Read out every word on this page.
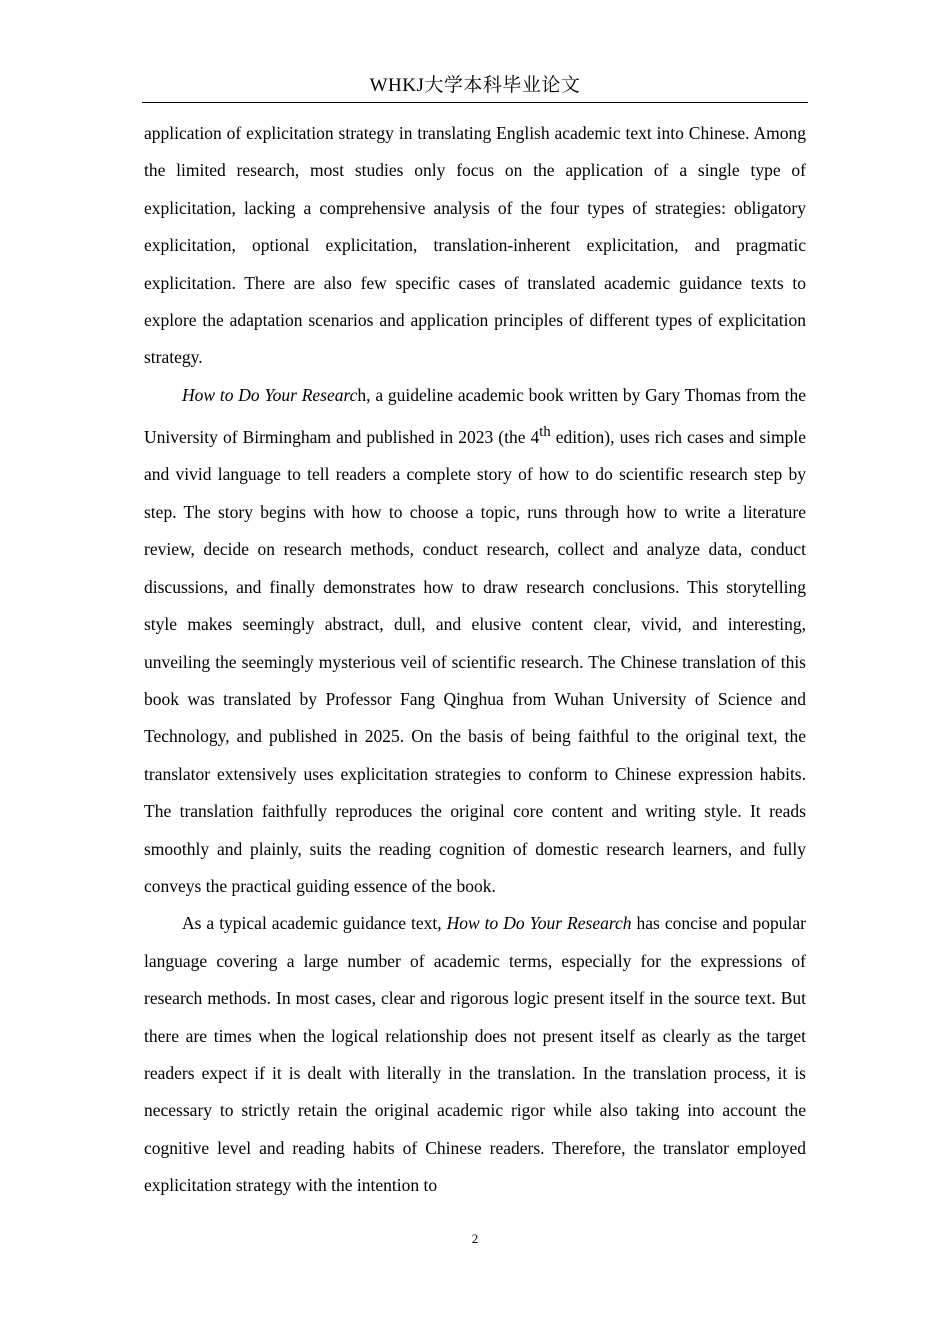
WHKJ大学本科毕业论文

application of explicitation strategy in translating English academic text into Chinese. Among the limited research, most studies only focus on the application of a single type of explicitation, lacking a comprehensive analysis of the four types of strategies: obligatory explicitation, optional explicitation, translation-inherent explicitation, and pragmatic explicitation. There are also few specific cases of translated academic guidance texts to explore the adaptation scenarios and application principles of different types of explicitation strategy.

How to Do Your Research, a guideline academic book written by Gary Thomas from the University of Birmingham and published in 2023 (the 4th edition), uses rich cases and simple and vivid language to tell readers a complete story of how to do scientific research step by step. The story begins with how to choose a topic, runs through how to write a literature review, decide on research methods, conduct research, collect and analyze data, conduct discussions, and finally demonstrates how to draw research conclusions. This storytelling style makes seemingly abstract, dull, and elusive content clear, vivid, and interesting, unveiling the seemingly mysterious veil of scientific research. The Chinese translation of this book was translated by Professor Fang Qinghua from Wuhan University of Science and Technology, and published in 2025. On the basis of being faithful to the original text, the translator extensively uses explicitation strategies to conform to Chinese expression habits. The translation faithfully reproduces the original core content and writing style. It reads smoothly and plainly, suits the reading cognition of domestic research learners, and fully conveys the practical guiding essence of the book.

As a typical academic guidance text, How to Do Your Research has concise and popular language covering a large number of academic terms, especially for the expressions of research methods. In most cases, clear and rigorous logic present itself in the source text. But there are times when the logical relationship does not present itself as clearly as the target readers expect if it is dealt with literally in the translation. In the translation process, it is necessary to strictly retain the original academic rigor while also taking into account the cognitive level and reading habits of Chinese readers. Therefore, the translator employed explicitation strategy with the intention to

2
